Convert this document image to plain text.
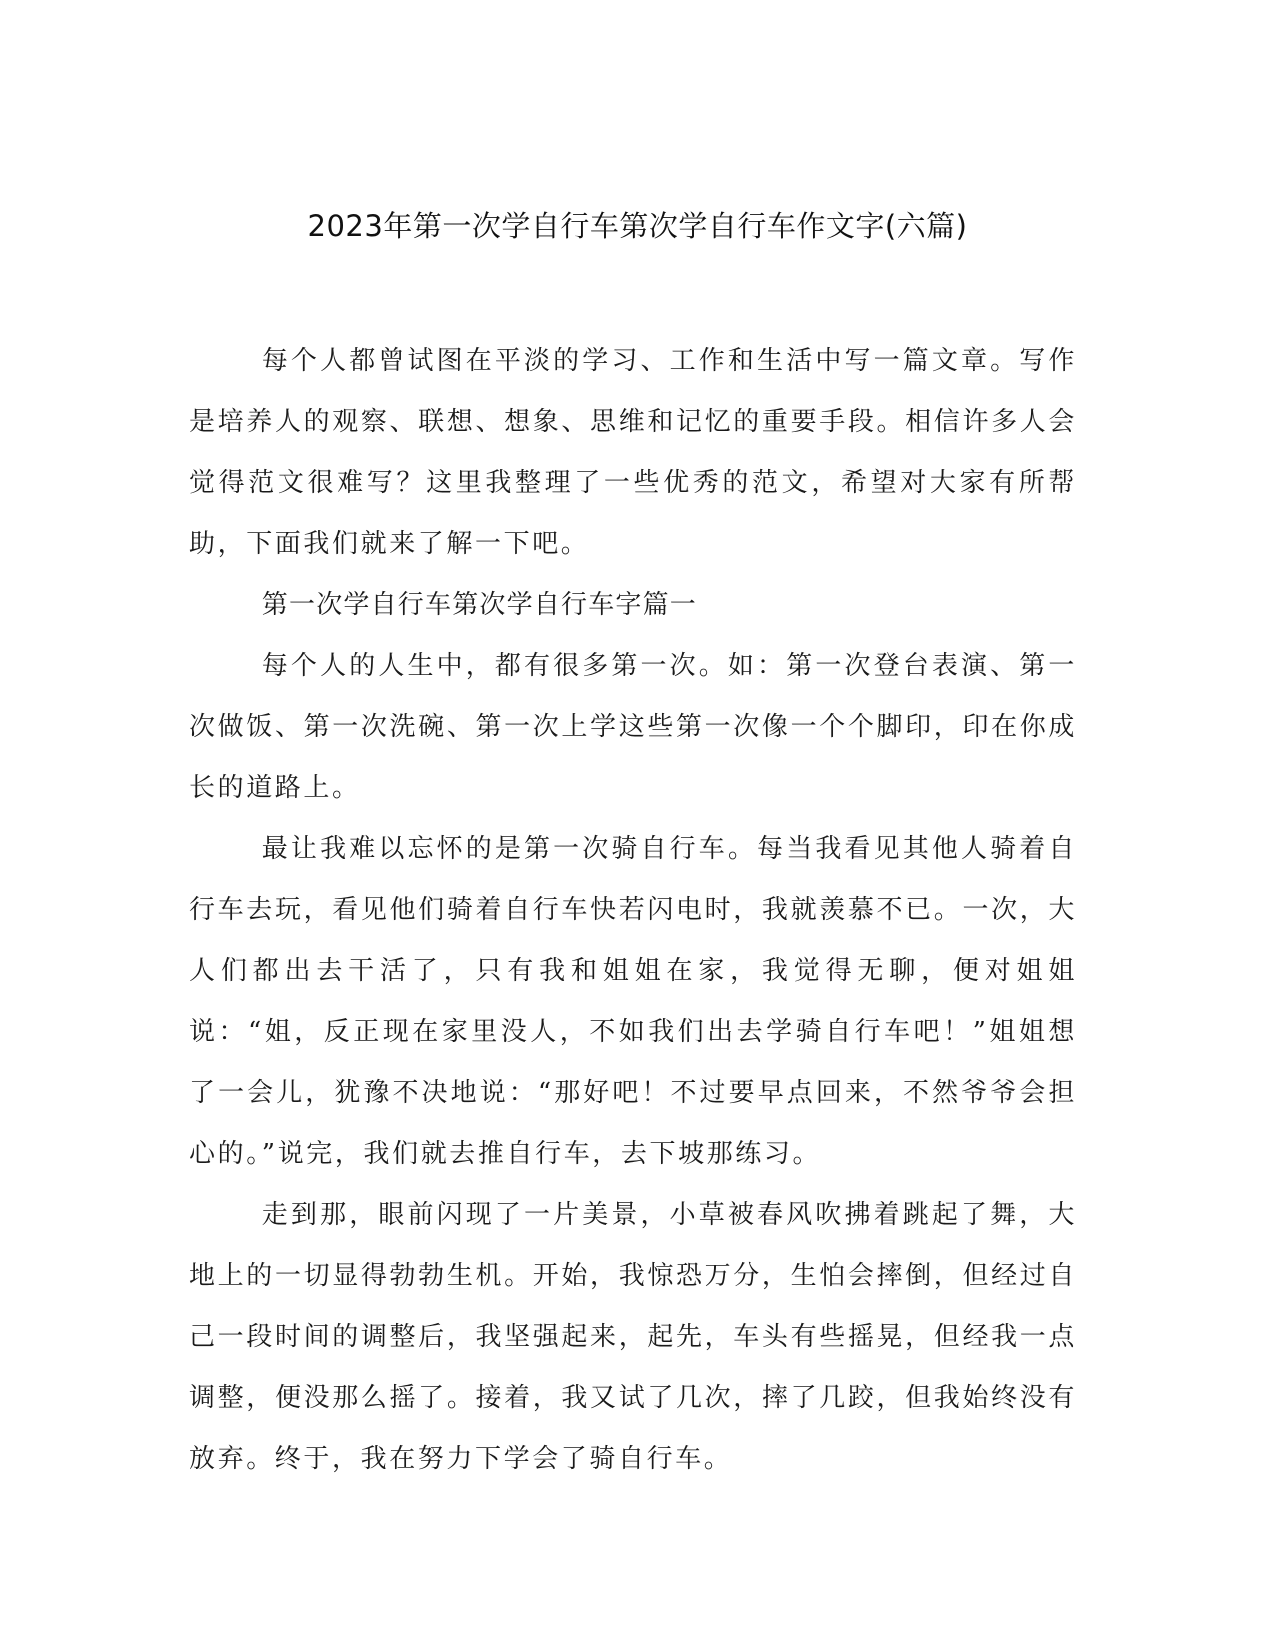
2023年第一次学自行车第次学自行车作文字(六篇)

每个人都曾试图在平淡的学习、工作和生活中写一篇文章。写作是培养人的观察、联想、想象、思维和记忆的重要手段。相信许多人会觉得范文很难写？这里我整理了一些优秀的范文，希望对大家有所帮助，下面我们就来了解一下吧。

第一次学自行车第次学自行车字篇一

每个人的人生中，都有很多第一次。如：第一次登台表演、第一次做饭、第一次洗碗、第一次上学这些第一次像一个个脚印，印在你成长的道路上。

最让我难以忘怀的是第一次骑自行车。每当我看见其他人骑着自行车去玩，看见他们骑着自行车快若闪电时，我就羡慕不已。一次，大人们都出去干活了，只有我和姐姐在家，我觉得无聊，便对姐姐说：“姐，反正现在家里没人，不如我们出去学骑自行车吧！”姐姐想了一会儿，犹豫不决地说：“那好吧！不过要早点回来，不然爷爷会担心的。”说完，我们就去推自行车，去下坡那练习。

走到那，眼前闪现了一片美景，小草被春风吹拂着跳起了舞，大地上的一切显得勃勃生机。开始，我惊恐万分，生怕会摔倒，但经过自己一段时间的调整后，我坚强起来，起先，车头有些摇晃，但经我一点调整，便没那么摇了。接着，我又试了几次，摔了几跤，但我始终没有放弃。终于，我在努力下学会了骑自行车。
